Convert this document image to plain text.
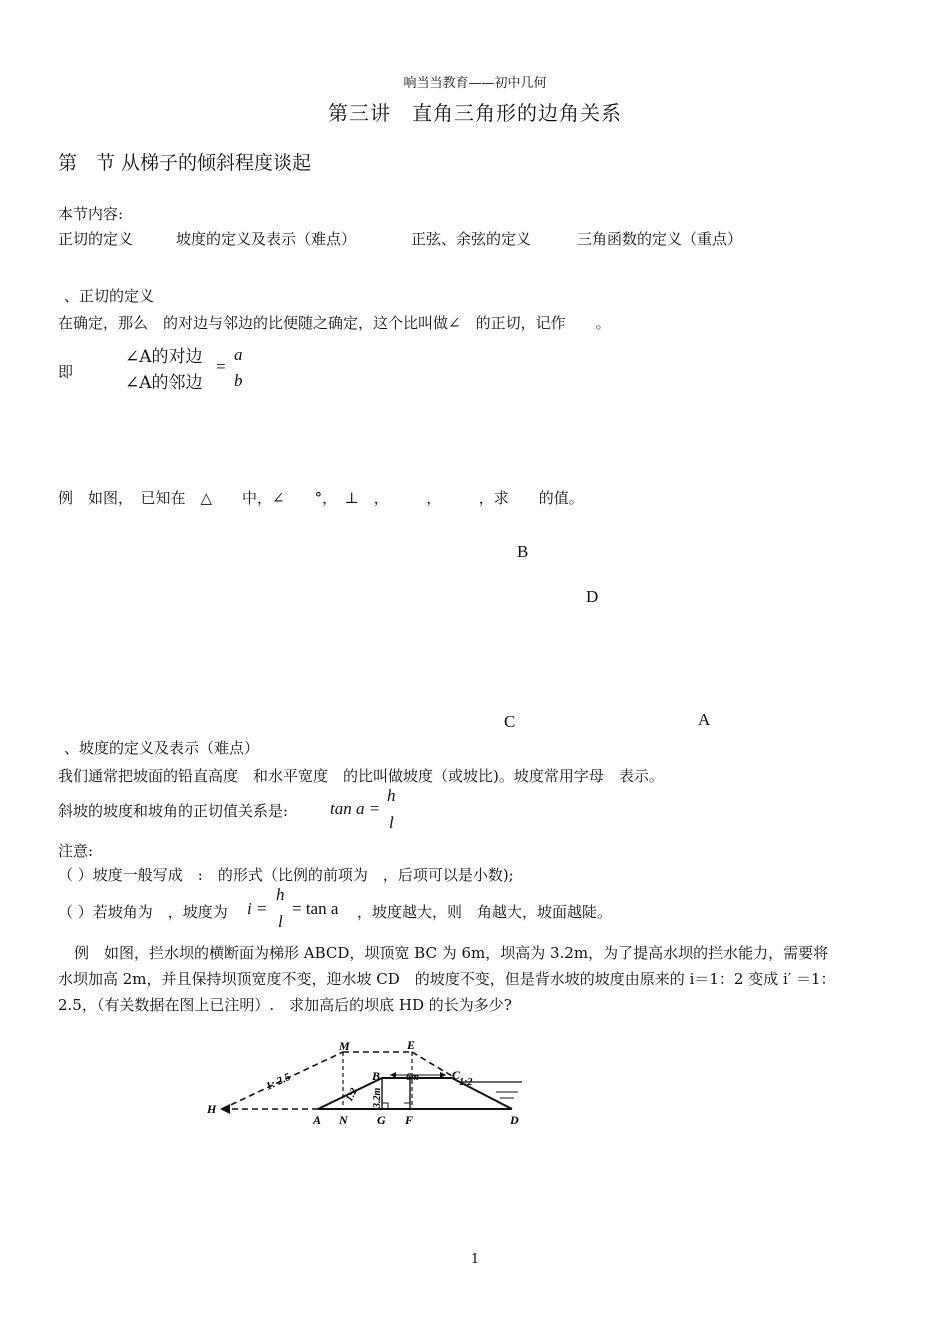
响当当教育——初中几何
第三讲　直角三角形的边角关系
第　节 从梯子的倾斜程度谈起
本节内容:
正切的定义	坡度的定义及表示（难点）	正弦、余弦的定义	三角函数的定义（重点）
、正切的定义
在确定，那么　的对边与邻边的比便随之确定，这个比叫做∠　的正切，记作　　。
即
∠A的对边
∠A的邻边
=
a
b
例　如图，　已知在　△　　中，∠　　°，　⊥　，　　　，　　　，求　　的值。
B
D
C	A
、坡度的定义及表示（难点）
我们通常把坡面的铅直高度　和水平宽度　的比叫做坡度（或坡比)。坡度常用字母　表示。
斜坡的坡度和坡角的正切值关系是: tan a =
h
l
注意:
（ ）坡度一般写成　:　的形式（比例的前项为　，后项可以是小数);
（ ）若坡角为　，坡度为 i =
h
l
= tan a ，坡度越大，则　角越大，坡面越陡。
例　如图，拦水坝的横断面为梯形 ABCD，坝顶宽 BC 为 6m，坝高为 3.2m，为了提高水坝的拦水能力，需要将
水坝加高 2m，并且保持坝顶宽度不变，迎水坡 CD　的坡度不变，但是背水坡的坡度由原来的 i＝1：2 变成 i′ ＝1：
2.5，（有关数据在图上已注明）.　求加高后的坝底 HD 的长为多少?
M	E
B	C
H
A N G F	D
1: 2.5
1:2
1:2
6m
3.2m
1
